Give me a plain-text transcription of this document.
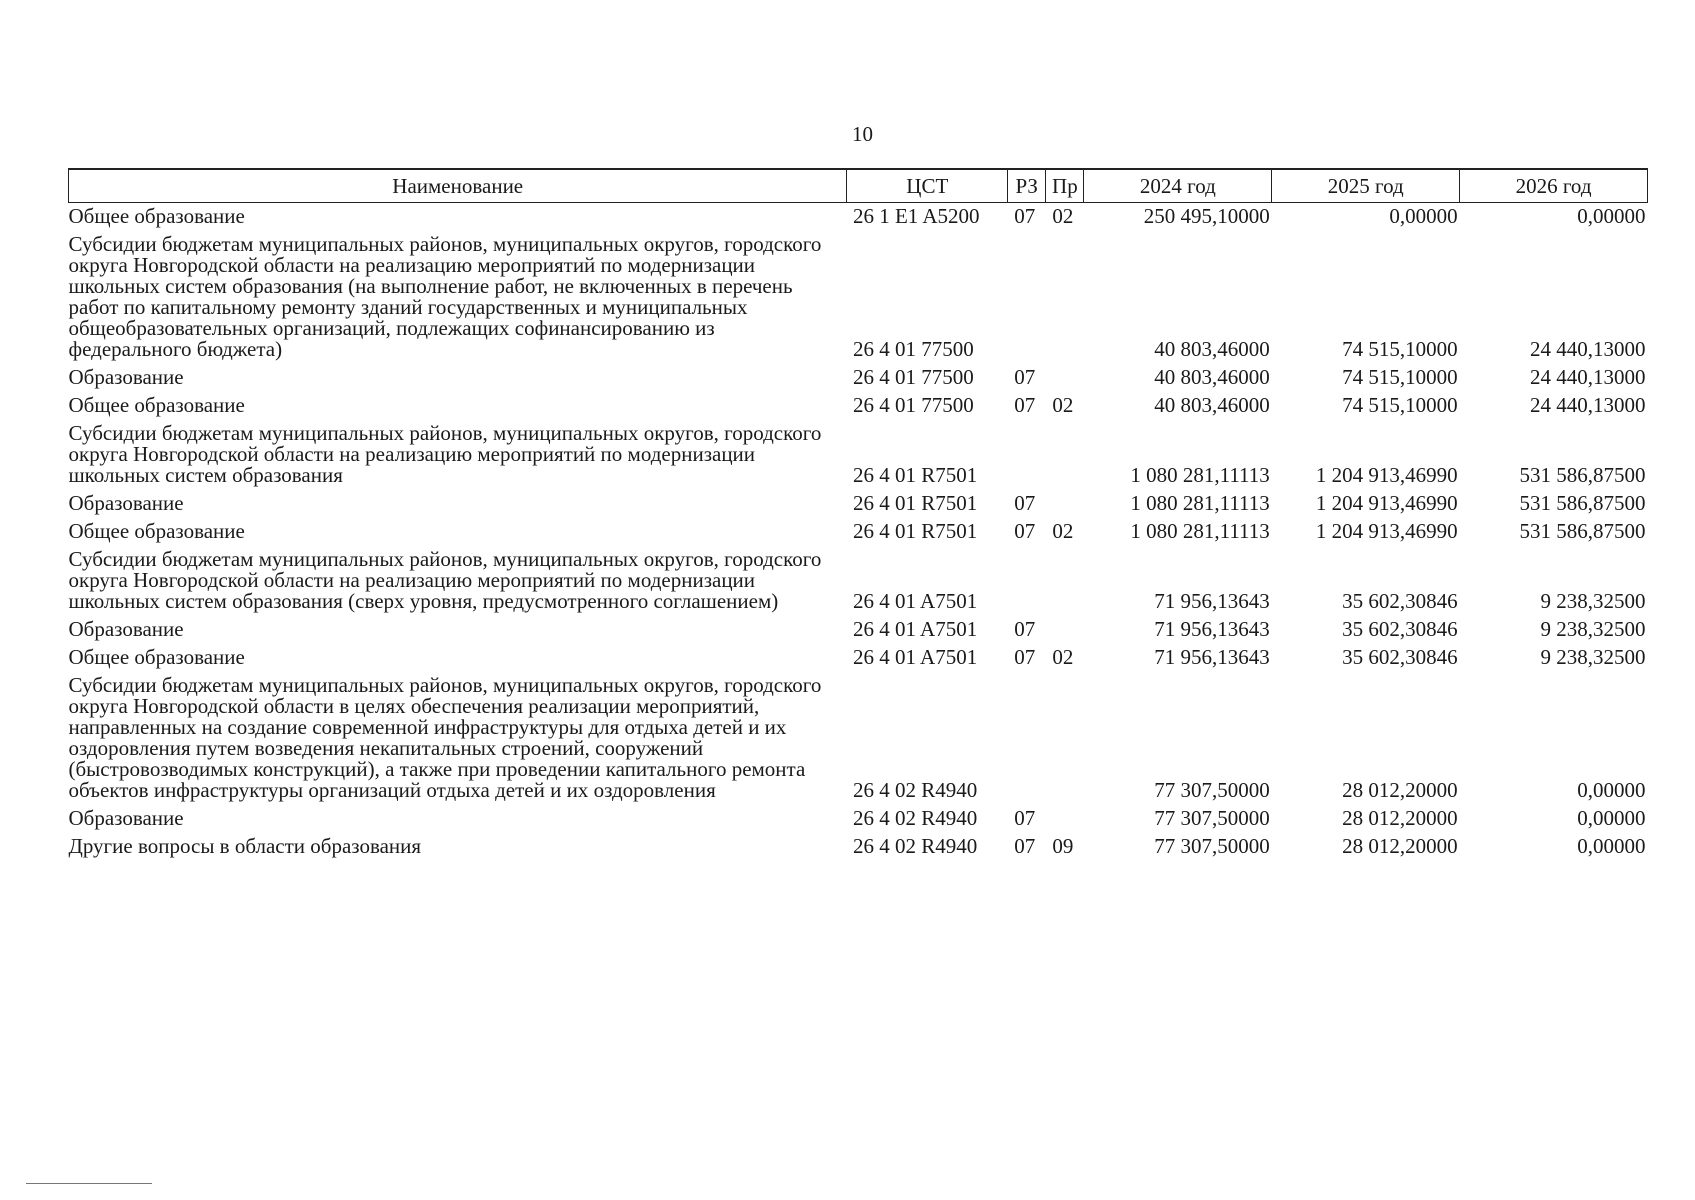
10
Наименование	ЦСТ	РЗ	Пр	2024 год	2025 год	2026 год
Общее образование	26 1 E1 A5200	07	02	250 495,10000	0,00000	0,00000
Субсидии бюджетам муниципальных районов, муниципальных округов, городского округа Новгородской области на реализацию мероприятий по модернизации школьных систем образования (на выполнение работ, не включенных в перечень работ по капитальному ремонту зданий государственных и муниципальных общеобразовательных организаций, подлежащих софинансированию из федерального бюджета)	26 4 01 77500			40 803,46000	74 515,10000	24 440,13000
Образование	26 4 01 77500	07		40 803,46000	74 515,10000	24 440,13000
Общее образование	26 4 01 77500	07	02	40 803,46000	74 515,10000	24 440,13000
Субсидии бюджетам муниципальных районов, муниципальных округов, городского округа Новгородской области на реализацию мероприятий по модернизации школьных систем образования	26 4 01 R7501			1 080 281,11113	1 204 913,46990	531 586,87500
Образование	26 4 01 R7501	07		1 080 281,11113	1 204 913,46990	531 586,87500
Общее образование	26 4 01 R7501	07	02	1 080 281,11113	1 204 913,46990	531 586,87500
Субсидии бюджетам муниципальных районов, муниципальных округов, городского округа Новгородской области на реализацию мероприятий по модернизации школьных систем образования (сверх уровня, предусмотренного соглашением)	26 4 01 A7501			71 956,13643	35 602,30846	9 238,32500
Образование	26 4 01 A7501	07		71 956,13643	35 602,30846	9 238,32500
Общее образование	26 4 01 A7501	07	02	71 956,13643	35 602,30846	9 238,32500
Субсидии бюджетам муниципальных районов, муниципальных округов, городского округа Новгородской области в целях обеспечения реализации мероприятий, направленных на создание современной инфраструктуры для отдыха детей и их оздоровления путем возведения некапитальных строений, сооружений (быстровозводимых конструкций), а также при проведении капитального ремонта объектов инфраструктуры организаций отдыха детей и их оздоровления	26 4 02 R4940			77 307,50000	28 012,20000	0,00000
Образование	26 4 02 R4940	07		77 307,50000	28 012,20000	0,00000
Другие вопросы в области образования	26 4 02 R4940	07	09	77 307,50000	28 012,20000	0,00000
